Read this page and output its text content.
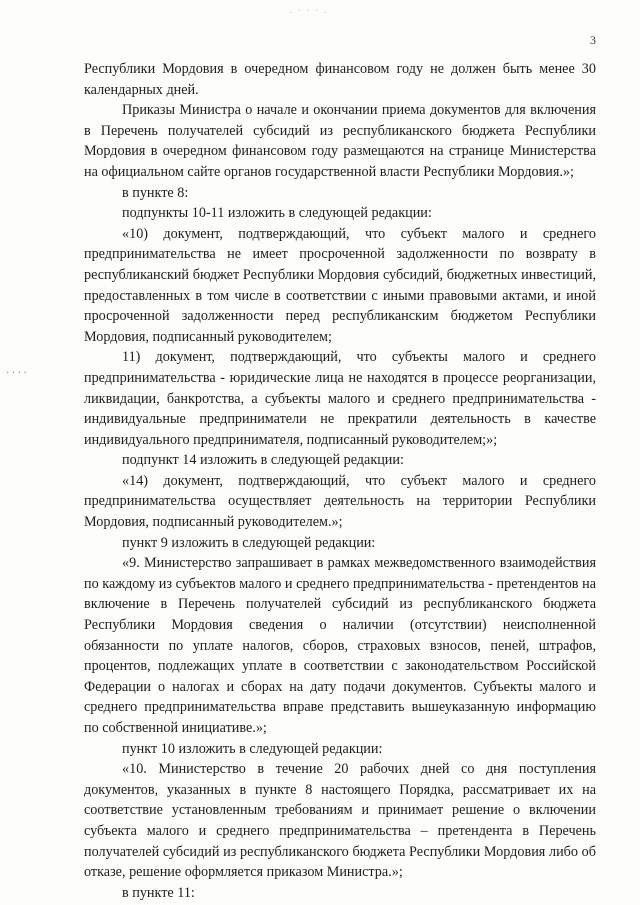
. · · · .
3
· · · ·

Республики Мордовия в очередном финансовом году не должен быть менее 30 календарных дней.

Приказы Министра о начале и окончании приема документов для включения в Перечень получателей субсидий из республиканского бюджета Республики Мордовия в очередном финансовом году размещаются на странице Министерства на официальном сайте органов государственной власти Республики Мордовия.»;

в пункте 8:

подпункты 10-11 изложить в следующей редакции:

«10) документ, подтверждающий, что субъект малого и среднего предпринимательства не имеет просроченной задолженности по возврату в республиканский бюджет Республики Мордовия субсидий, бюджетных инвестиций, предоставленных в том числе в соответствии с иными правовыми актами, и иной просроченной задолженности перед республиканским бюджетом Республики Мордовия, подписанный руководителем;

11) документ, подтверждающий, что субъекты малого и среднего предпринимательства - юридические лица не находятся в процессе реорганизации, ликвидации, банкротства, а субъекты малого и среднего предпринимательства - индивидуальные предприниматели не прекратили деятельность в качестве индивидуального предпринимателя, подписанный руководителем;»;

подпункт 14 изложить в следующей редакции:

«14) документ, подтверждающий, что субъект малого и среднего предпринимательства осуществляет деятельность на территории Республики Мордовия, подписанный руководителем.»;

пункт 9 изложить в следующей редакции:

«9. Министерство запрашивает в рамках межведомственного взаимодействия по каждому из субъектов малого и среднего предпринимательства - претендентов на включение в Перечень получателей субсидий из республиканского бюджета Республики Мордовия сведения о наличии (отсутствии) неисполненной обязанности по уплате налогов, сборов, страховых взносов, пеней, штрафов, процентов, подлежащих уплате в соответствии с законодательством Российской Федерации о налогах и сборах на дату подачи документов. Субъекты малого и среднего предпринимательства вправе представить вышеуказанную информацию по собственной инициативе.»;

пункт 10 изложить в следующей редакции:

«10. Министерство в течение 20 рабочих дней со дня поступления документов, указанных в пункте 8 настоящего Порядка, рассматривает их на соответствие установленным требованиям и принимает решение о включении субъекта малого и среднего предпринимательства – претендента в Перечень получателей субсидий из республиканского бюджета Республики Мордовия либо об отказе, решение оформляется приказом Министра.»;

в пункте 11:
